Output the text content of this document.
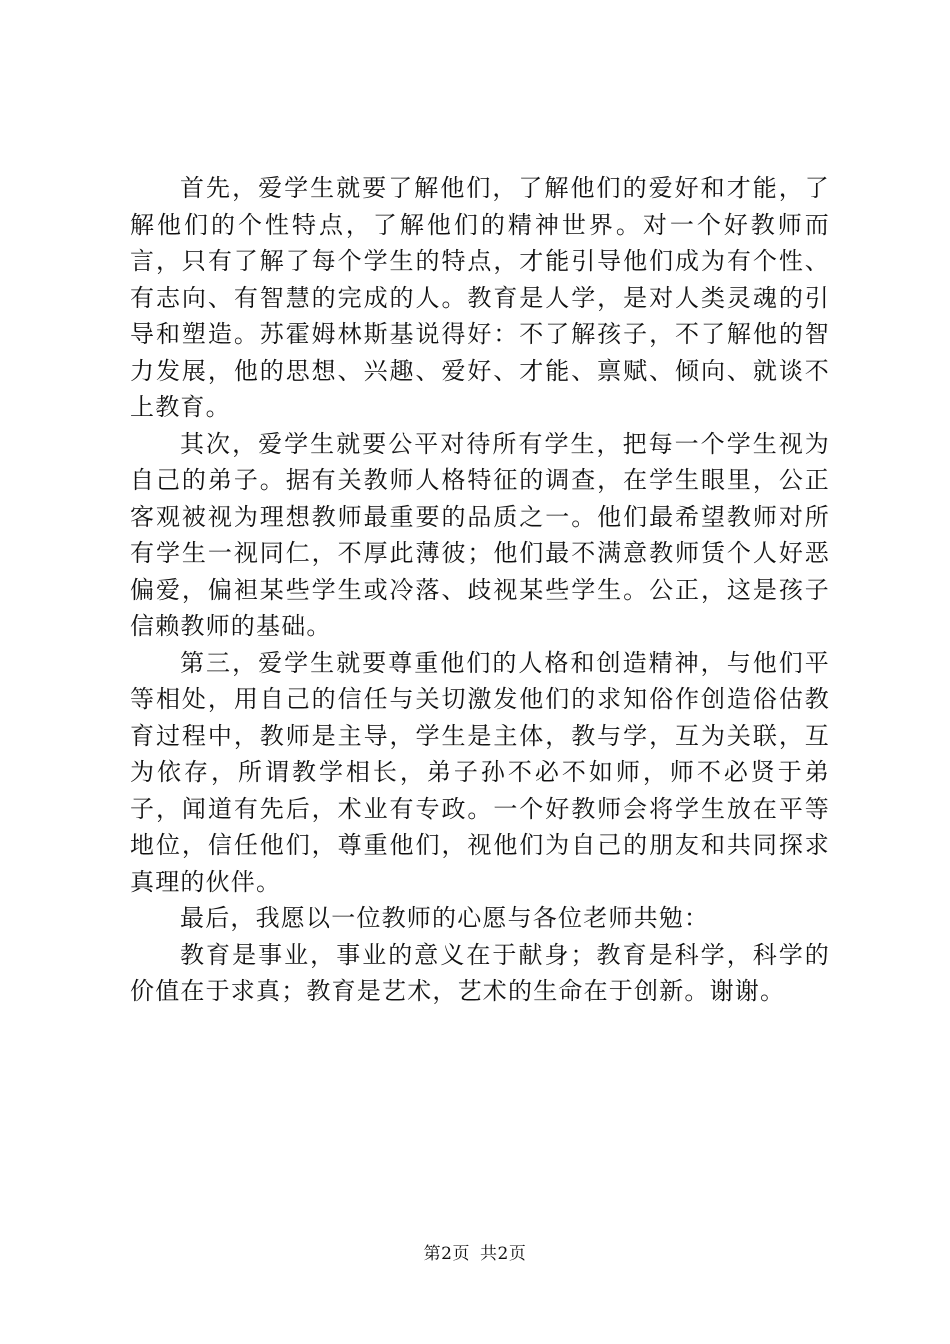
首先，爱学生就要了解他们，了解他们的爱好和才能，了解他们的个性特点，了解他们的精神世界。对一个好教师而言，只有了解了每个学生的特点，才能引导他们成为有个性、有志向、有智慧的完成的人。教育是人学，是对人类灵魂的引导和塑造。苏霍姆林斯基说得好：不了解孩子，不了解他的智力发展，他的思想、兴趣、爱好、才能、禀赋、倾向、就谈不上教育。

其次，爱学生就要公平对待所有学生，把每一个学生视为自己的弟子。据有关教师人格特征的调查，在学生眼里，公正客观被视为理想教师最重要的品质之一。他们最希望教师对所有学生一视同仁，不厚此薄彼；他们最不满意教师赁个人好恶偏爱，偏袒某些学生或冷落、歧视某些学生。公正，这是孩子信赖教师的基础。

第三，爱学生就要尊重他们的人格和创造精神，与他们平等相处，用自己的信任与关切激发他们的求知俗作创造俗估教育过程中，教师是主导，学生是主体，教与学，互为关联，互为依存，所谓教学相长，弟子孙不必不如师，师不必贤于弟子，闻道有先后，术业有专政。一个好教师会将学生放在平等地位，信任他们，尊重他们，视他们为自己的朋友和共同探求真理的伙伴。

最后，我愿以一位教师的心愿与各位老师共勉：

教育是事业，事业的意义在于献身；教育是科学，科学的价值在于求真；教育是艺术，艺术的生命在于创新。谢谢。

第2页 共2页
